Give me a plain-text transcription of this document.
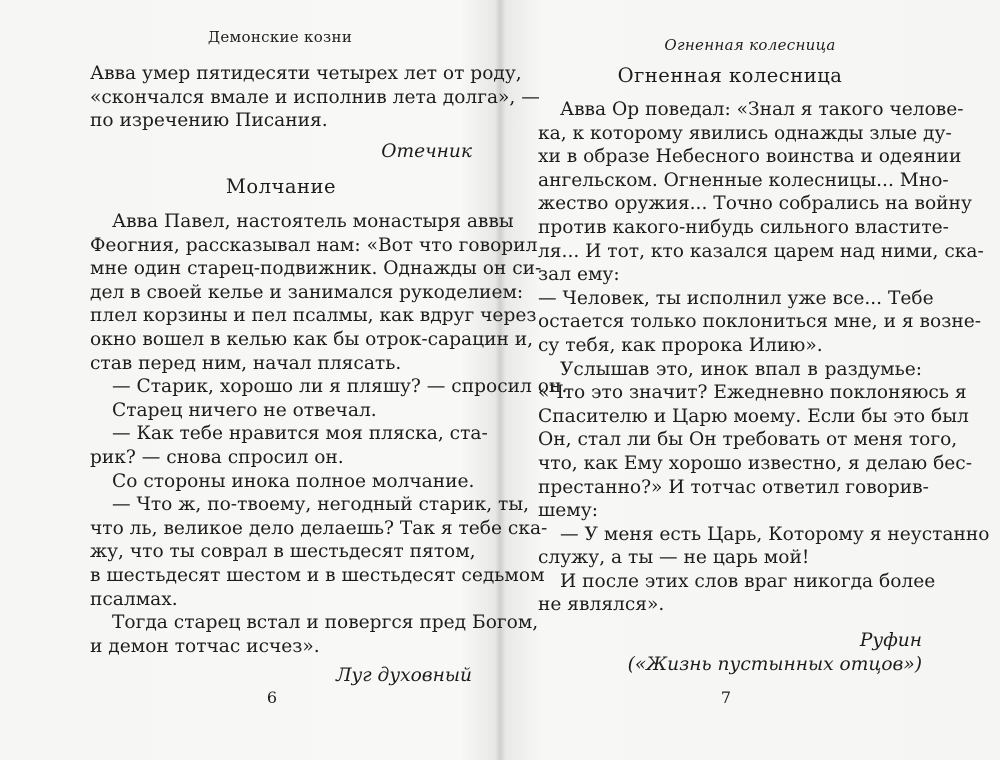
Демонские козни
Авва умер пятидесяти четырех лет от роду,
«скончался вмале и исполнив лета долга», —
по изречению Писания.
Отечник
Молчание
Авва Павел, настоятель монастыря аввы
Феогния, рассказывал нам: «Вот что говорил
мне один старец-подвижник. Однажды он си-
дел в своей келье и занимался рукоделием:
плел корзины и пел псалмы, как вдруг через
окно вошел в келью как бы отрок-сарацин и,
став перед ним, начал плясать.
— Старик, хорошо ли я пляшу? — спросил он.
Старец ничего не отвечал.
— Как тебе нравится моя пляска, ста-
рик? — снова спросил он.
Со стороны инока полное молчание.
— Что ж, по-твоему, негодный старик, ты,
что ль, великое дело делаешь? Так я тебе ска-
жу, что ты соврал в шестьдесят пятом,
в шестьдесят шестом и в шестьдесят седьмом
псалмах.
Тогда старец встал и повергся пред Богом,
и демон тотчас исчез».
Луг духовный
6
Огненная колесница
Огненная колесница
Авва Ор поведал: «Знал я такого челове-
ка, к которому явились однажды злые ду-
хи в образе Небесного воинства и одеянии
ангельском. Огненные колесницы... Мно-
жество оружия... Точно собрались на войну
против какого-нибудь сильного властите-
ля... И тот, кто казался царем над ними, ска-
зал ему:
— Человек, ты исполнил уже все... Тебе
остается только поклониться мне, и я возне-
су тебя, как пророка Илию».
Услышав это, инок впал в раздумье:
«Что это значит? Ежедневно поклоняюсь я
Спасителю и Царю моему. Если бы это был
Он, стал ли бы Он требовать от меня того,
что, как Ему хорошо известно, я делаю бес-
престанно?» И тотчас ответил говорив-
шему:
— У меня есть Царь, Которому я неустанно
служу, а ты — не царь мой!
И после этих слов враг никогда более
не являлся».
Руфин
(«Жизнь пустынных отцов»)
7
